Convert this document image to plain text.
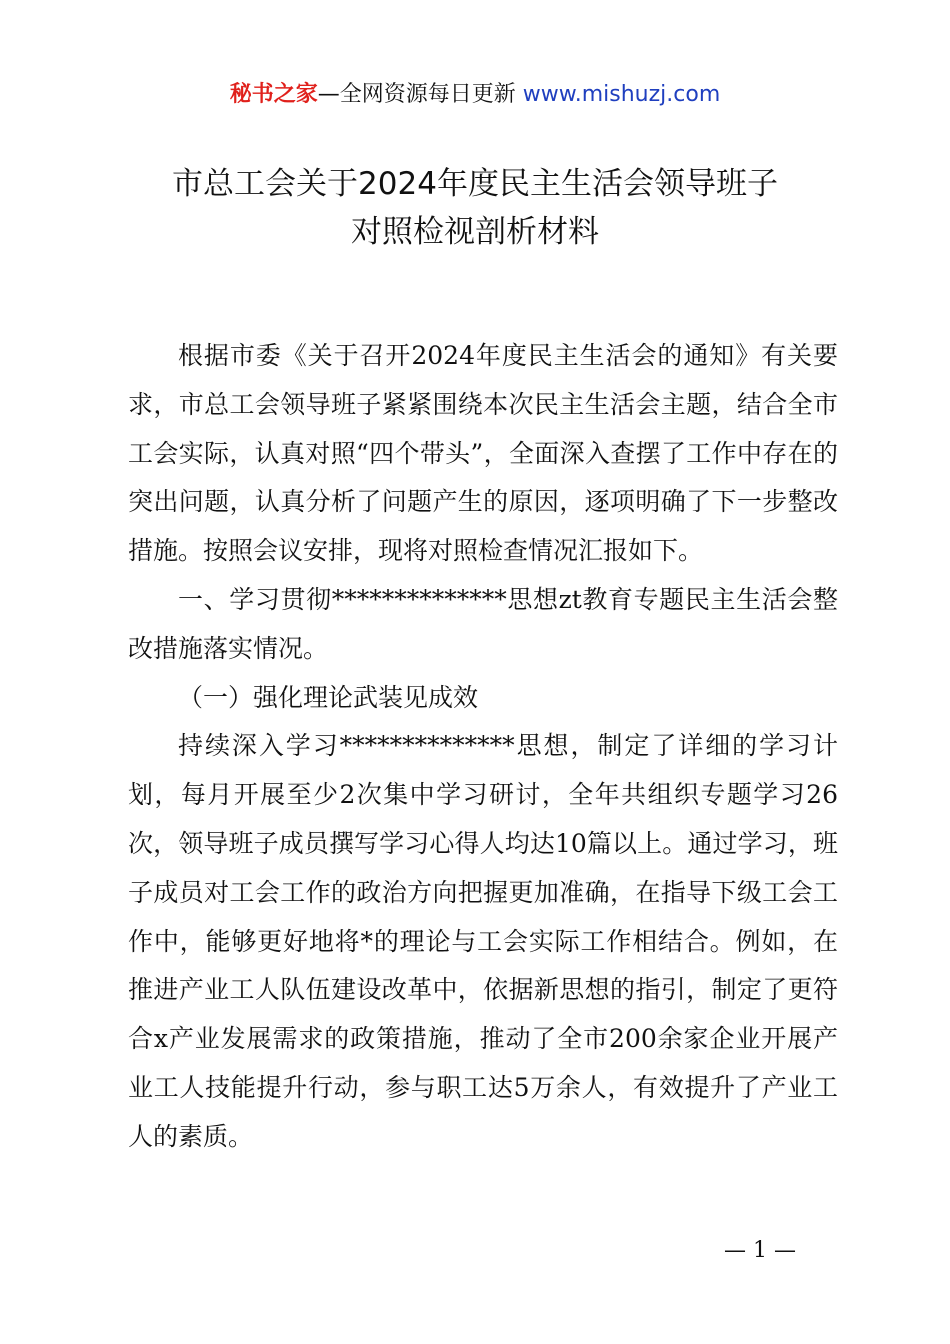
秘书之家—全网资源每日更新 www.mishuzj.com
市总工会关于2024年度民主生活会领导班子
对照检视剖析材料

根据市委《关于召开2024年度民主生活会的通知》有关要求，市总工会领导班子紧紧围绕本次民主生活会主题，结合全市工会实际，认真对照“四个带头”，全面深入查摆了工作中存在的突出问题，认真分析了问题产生的原因，逐项明确了下一步整改措施。按照会议安排，现将对照检查情况汇报如下。

一、学习贯彻**************思想zt教育专题民主生活会整改措施落实情况。

（一）强化理论武装见成效

持续深入学习**************思想，制定了详细的学习计划，每月开展至少2次集中学习研讨，全年共组织专题学习26次，领导班子成员撰写学习心得人均达10篇以上。通过学习，班子成员对工会工作的政治方向把握更加准确，在指导下级工会工作中，能够更好地将*的理论与工会实际工作相结合。例如，在推进产业工人队伍建设改革中，依据新思想的指引，制定了更符合x产业发展需求的政策措施，推动了全市200余家企业开展产业工人技能提升行动，参与职工达5万余人，有效提升了产业工人的素质。

— 1 —
